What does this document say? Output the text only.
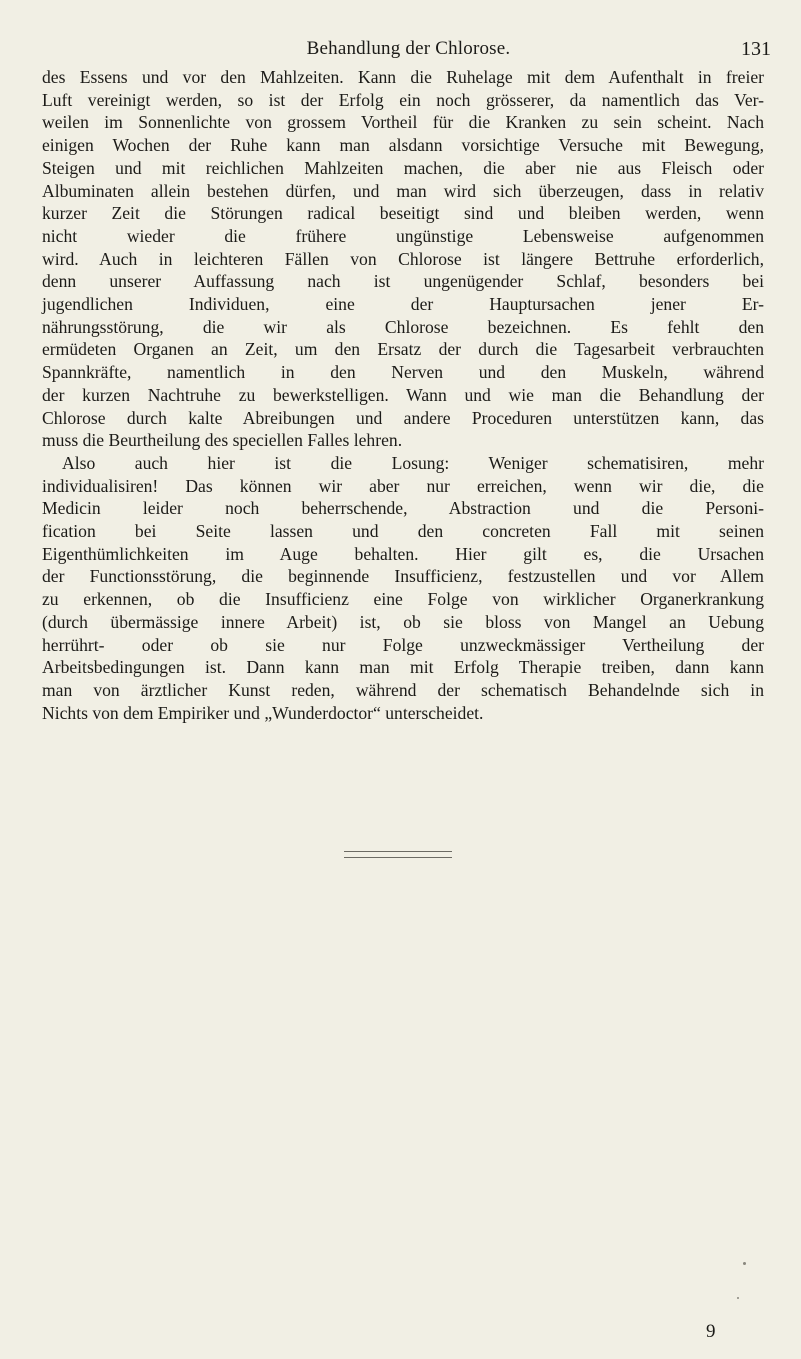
Behandlung der Chlorose.	131
des Essens und vor den Mahlzeiten. Kann die Ruhelage mit dem Aufenthalt in freier
Luft vereinigt werden, so ist der Erfolg ein noch grösserer, da namentlich das Ver-
weilen im Sonnenlichte von grossem Vortheil für die Kranken zu sein scheint. Nach
einigen Wochen der Ruhe kann man alsdann vorsichtige Versuche mit Bewegung,
Steigen und mit reichlichen Mahlzeiten machen, die aber nie aus Fleisch oder
Albuminaten allein bestehen dürfen, und man wird sich überzeugen, dass in relativ
kurzer Zeit die Störungen radical beseitigt sind und bleiben werden, wenn
nicht wieder die frühere ungünstige Lebensweise aufgenommen
wird. Auch in leichteren Fällen von Chlorose ist längere Bettruhe erforderlich,
denn unserer Auffassung nach ist ungenügender Schlaf, besonders bei
jugendlichen Individuen, eine der Hauptursachen jener Er-
nährungsstörung, die wir als Chlorose bezeichnen. Es fehlt den
ermüdeten Organen an Zeit, um den Ersatz der durch die Tagesarbeit verbrauchten
Spannkräfte, namentlich in den Nerven und den Muskeln, während
der kurzen Nachtruhe zu bewerkstelligen. Wann und wie man die Behandlung der
Chlorose durch kalte Abreibungen und andere Proceduren unterstützen kann, das
muss die Beurtheilung des speciellen Falles lehren.
Also auch hier ist die Losung: Weniger schematisiren, mehr
individualisiren! Das können wir aber nur erreichen, wenn wir die, die
Medicin leider noch beherrschende, Abstraction und die Personi-
fication bei Seite lassen und den concreten Fall mit seinen
Eigenthümlichkeiten im Auge behalten. Hier gilt es, die Ursachen
der Functionsstörung, die beginnende Insufficienz, festzustellen und vor Allem
zu erkennen, ob die Insufficienz eine Folge von wirklicher Organerkrankung
(durch übermässige innere Arbeit) ist, ob sie bloss von Mangel an Uebung
herrührt- oder ob sie nur Folge unzweckmässiger Vertheilung der
Arbeitsbedingungen ist. Dann kann man mit Erfolg Therapie treiben, dann kann
man von ärztlicher Kunst reden, während der schematisch Behandelnde sich in
Nichts von dem Empiriker und „Wunderdoctor“ unterscheidet.
9
